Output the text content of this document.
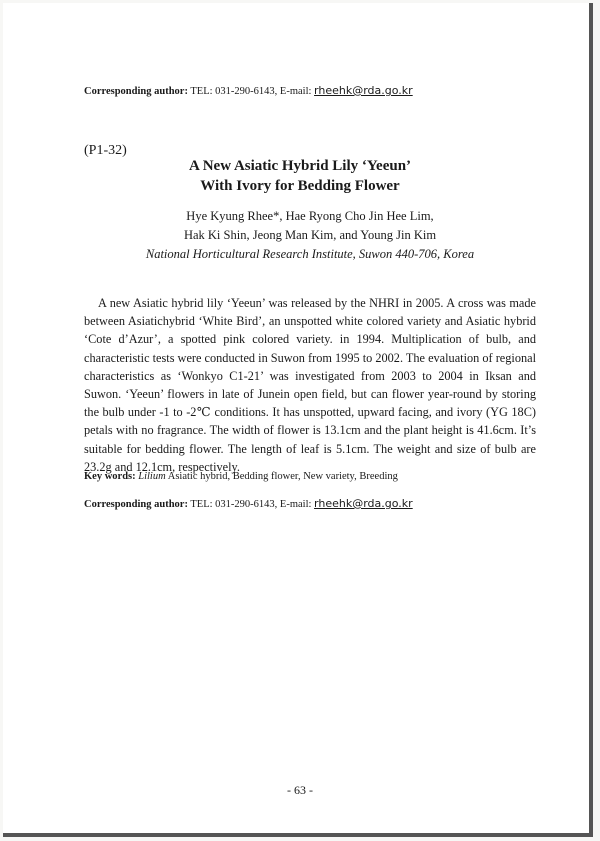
Corresponding author: TEL: 031-290-6143, E-mail: rheehk@rda.go.kr
(P1-32)
A New Asiatic Hybrid Lily ‘Yeeun’
With Ivory for Bedding Flower
Hye Kyung Rhee*, Hae Ryong Cho Jin Hee Lim,
Hak Ki Shin, Jeong Man Kim, and Young Jin Kim
National Horticultural Research Institute, Suwon 440-706, Korea

A new Asiatic hybrid lily ‘Yeeun’ was released by the NHRI in 2005. A cross was made between Asiatichybrid ‘White Bird’, an unspotted white colored variety and Asiatic hybrid ‘Cote d’Azur’, a spotted pink colored variety. in 1994. Multiplication of bulb, and characteristic tests were conducted in Suwon from 1995 to 2002. The evaluation of regional characteristics as ‘Wonkyo C1-21’ was investigated from 2003 to 2004 in Iksan and Suwon. ‘Yeeun’ flowers in late of Junein open field, but can flower year-round by storing the bulb under -1 to -2℃ conditions. It has unspotted, upward facing, and ivory (YG 18C) petals with no fragrance. The width of flower is 13.1cm and the plant height is 41.6cm. It’s suitable for bedding flower. The length of leaf is 5.1cm. The weight and size of bulb are 23.2g and 12.1cm, respectively.

Key words: Lilium Asiatic hybrid, Bedding flower, New variety, Breeding
Corresponding author: TEL: 031-290-6143, E-mail: rheehk@rda.go.kr
- 63 -
